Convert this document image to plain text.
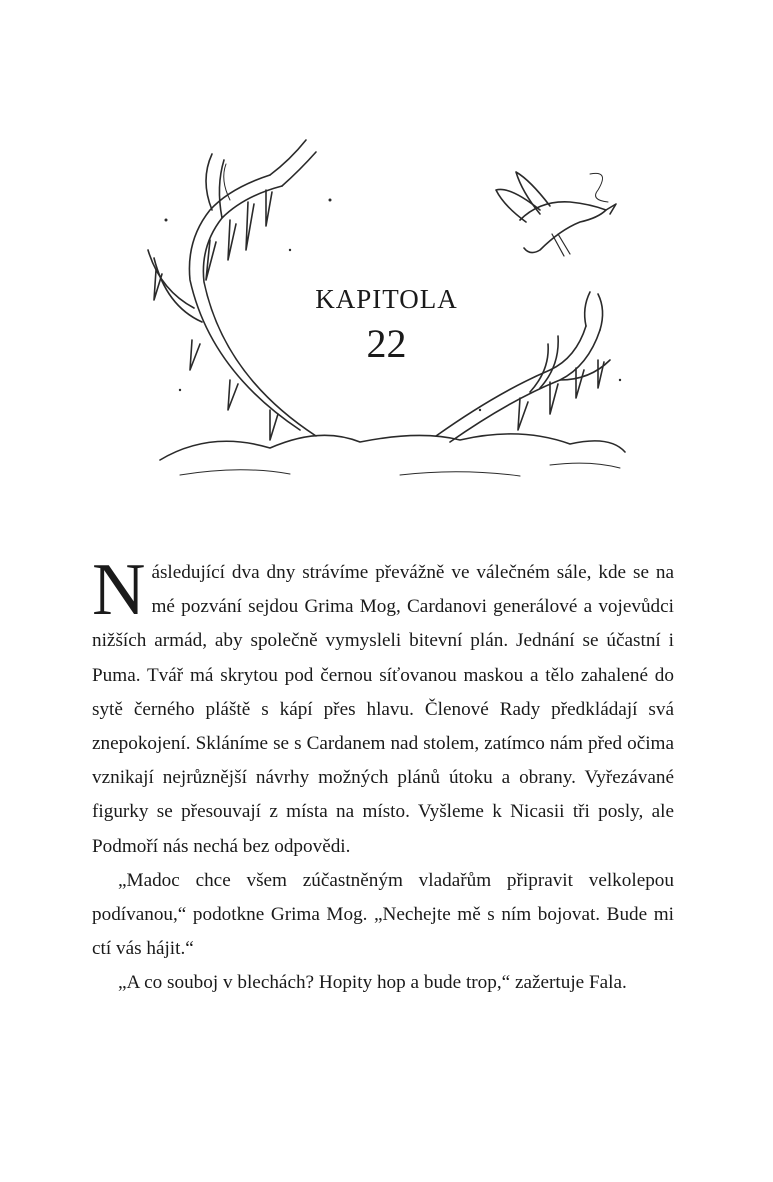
KAPITOLA
22

Následující dva dny strávíme převážně ve válečném sále, kde se na mé pozvání sejdou Grima Mog, Cardanovi generálové a vojevůdci nižších armád, aby společně vymysleli bitevní plán. Jednání se účastní i Puma. Tvář má skrytou pod černou síťovanou maskou a tělo zahalené do sytě černého pláště s kápí přes hlavu. Členové Rady předkládají svá znepokojení. Skláníme se s Cardanem nad stolem, zatímco nám před očima vznikají nejrůznější návrhy možných plánů útoku a obrany. Vyřezávané figurky se přesouvají z místa na místo. Vyšleme k Nicasii tři posly, ale Podmoří nás nechá bez odpovědi.

„Madoc chce všem zúčastněným vladařům připravit velkolepou podívanou,“ podotkne Grima Mog. „Nechejte mě s ním bojovat. Bude mi ctí vás hájit.“

„A co souboj v blechách? Hopity hop a bude trop,“ zažertuje Fala.
